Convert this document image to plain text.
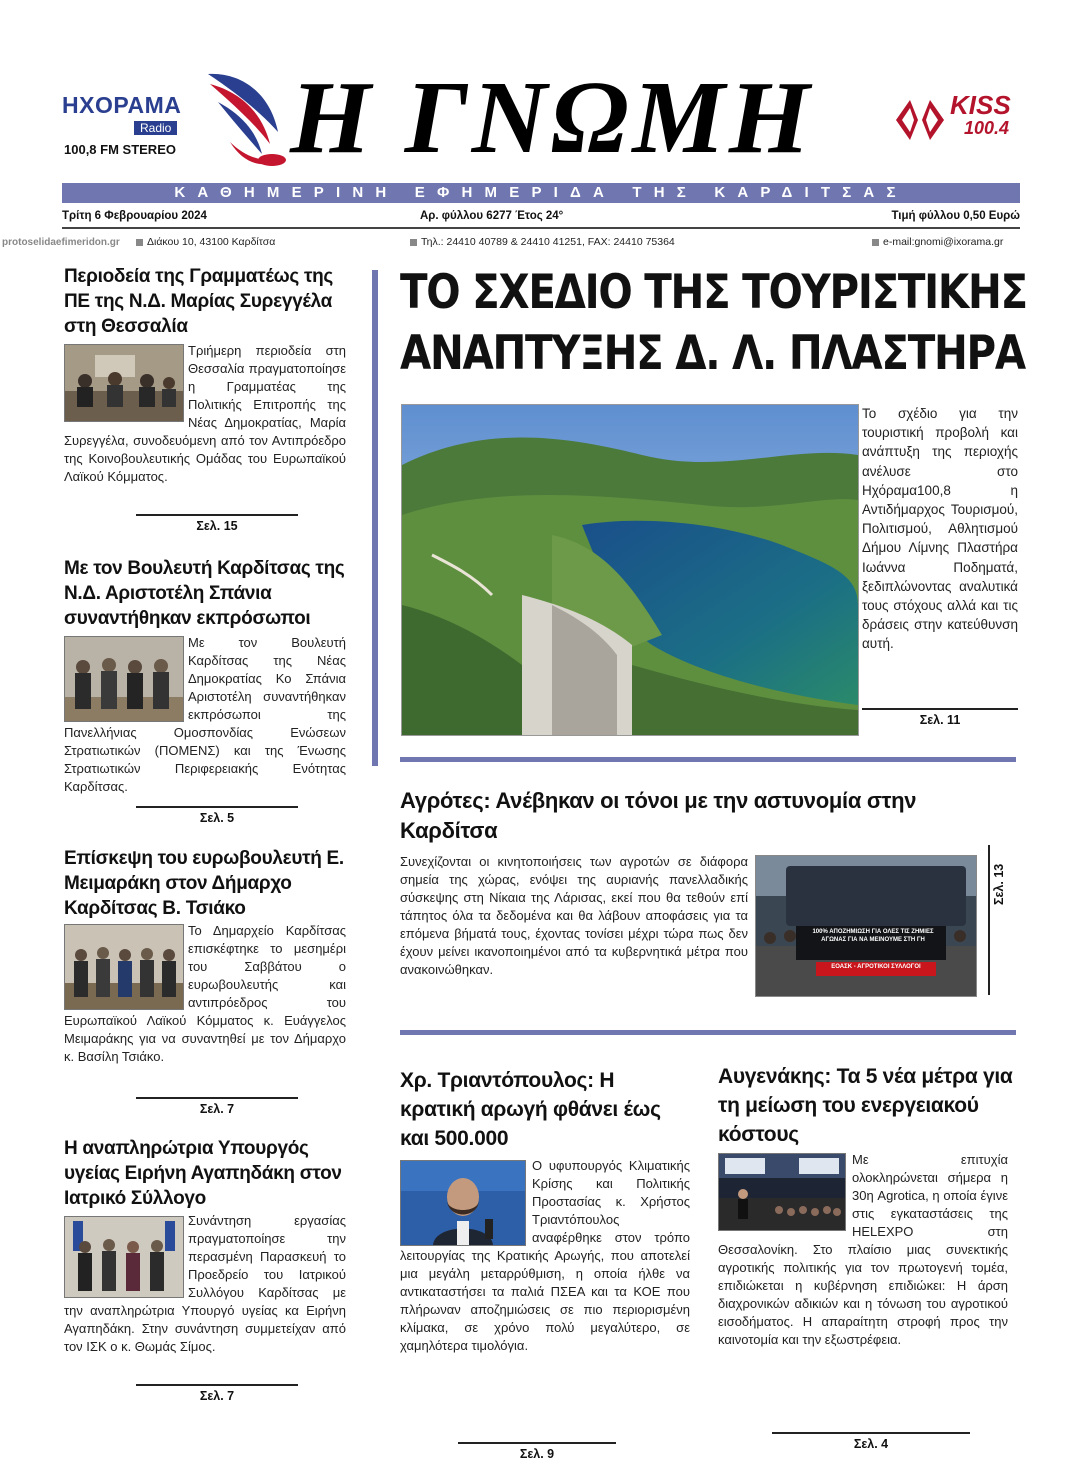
ΗΧΟΡΑΜΑ
Radio
100,8 FM STEREO Η ΓΝΩΜΗ	KISS
100.4
ΚΑΘΗΜΕΡΙΝΗ ΕΦΗΜΕΡΙΔΑ ΤΗΣ ΚΑΡΔΙΤΣΑΣ
Τρίτη 6 Φεβρουαρίου 2024	Αρ. φύλλου 6277 Έτος 24°	Τιμή φύλλου 0,50 Ευρώ
protoselidaefimeridon.gr	Διάκου 10, 43100 Καρδίτσα	Τηλ.: 24410 40789 & 24410 41251, FAX: 24410 75364	e-mail:gnomi@ixorama.gr
Περιοδεία της Γραμματέως της ΠΕ της Ν.Δ. Μαρίας Συρεγγέλα στη Θεσσαλία
Τριήμερη περιοδεία στη Θεσσαλία πραγματοποίησε η Γραμματέας της Πολιτικής Επιτροπής της Νέας Δημοκρατίας, Μαρία Συρεγγέλα, συνοδευόμενη από τον Αντιπρόεδρο της Κοινοβουλευτικής Ομάδας του Ευρωπαϊκού Λαϊκού Κόμματος.
Σελ. 15
Με τον Βουλευτή Καρδίτσας της Ν.Δ. Αριστοτέλη Σπάνια συναντήθηκαν εκπρόσωποι
Με τον Βουλευτή Καρδίτσας της Νέας Δημοκρατίας Κο Σπάνια Αριστοτέλη συναντήθηκαν εκπρόσωποι της Πανελλήνιας Ομοσπονδίας Ενώσεων Στρατιωτικών (ΠΟΜΕΝΣ) και της Ένωσης Στρατιωτικών Περιφερειακής Ενότητας Καρδίτσας.
Σελ. 5
Επίσκεψη του ευρωβουλευτή Ε. Μειμαράκη στον Δήμαρχο Καρδίτσας Β. Τσιάκο
Το Δημαρχείο Καρδίτσας επισκέφτηκε το μεσημέρι του Σαββάτου ο ευρωβουλευτής και αντιπρόεδρος του Ευρωπαϊκού Λαϊκού Κόμματος κ. Ευάγγελος Μειμαράκης για να συναντηθεί με τον Δήμαρχο κ. Βασίλη Τσιάκο.
Σελ. 7
Η αναπληρώτρια Υπουργός υγείας Ειρήνη Αγαπηδάκη στον Ιατρικό Σύλλογο
Συνάντηση εργασίας πραγματοποίησε την περασμένη Παρασκευή το Προεδρείο του Ιατρικού Συλλόγου Καρδίτσας με την αναπληρώτρια Υπουργό υγείας κα Ειρήνη Αγαπηδάκη. Στην συνάντηση συμμετείχαν από τον ΙΣΚ ο κ. Θωμάς Σίμος.
Σελ. 7
ΤΟ ΣΧΕΔΙΟ ΤΗΣ ΤΟΥΡΙΣΤΙΚΗΣ
ΑΝΑΠΤΥΞΗΣ Δ. Λ. ΠΛΑΣΤΗΡΑ
Το σχέδιο για την τουριστική προβολή και ανάπτυξη της περιοχής ανέλυσε στο Ηχόραμα100,8 η Αντιδήμαρχος Τουρισμού, Πολιτισμού, Αθλητισμού Δήμου Λίμνης Πλαστήρα Ιωάννα Ποδηματά, ξεδιπλώνοντας αναλυτικά τους στόχους αλλά και τις δράσεις στην κατεύθυνση αυτή.
Σελ. 11
Αγρότες: Ανέβηκαν οι τόνοι με την αστυνομία στην Καρδίτσα
Συνεχίζονται οι κινητοποιήσεις των αγροτών σε διάφορα σημεία της χώρας, ενόψει της αυριανής πανελλαδικής σύσκεψης στη Νίκαια της Λάρισας, εκεί που θα τεθούν επί τάπητος όλα τα δεδομένα και θα λάβουν αποφάσεις για τα επόμενα βήματά τους, έχοντας τονίσει μέχρι τώρα πως δεν έχουν μείνει ικανοποιημένοι από τα κυβερνητικά μέτρα που ανακοινώθηκαν.
100% ΑΠΟΖΗΜΙΩΣΗ ΓΙΑ ΟΛΕΣ ΤΙΣ ΖΗΜΙΕΣ
ΑΓΩΝΑΣ ΓΙΑ ΝΑ ΜΕΙΝΟΥΜΕ ΣΤΗ ΓΗ
ΕΟΑΣΚ - ΑΓΡΟΤΙΚΟΙ ΣΥΛΛΟΓΟΙ
Σελ. 13
Χρ. Τριαντόπουλος: Η κρατική αρωγή φθάνει έως και 500.000
Ο υφυπουργός Κλιματικής Κρίσης και Πολιτικής Προστασίας κ. Χρήστος Τριαντόπουλος αναφέρθηκε στον τρόπο λειτουργίας της Κρατικής Αρωγής, που αποτελεί μια μεγάλη μεταρρύθμιση, η οποία ήλθε να αντικαταστήσει τα παλιά ΠΣΕΑ και τα ΚΟΕ που πλήρωναν αποζημιώσεις σε πιο περιορισμένη κλίμακα, σε χρόνο πολύ μεγαλύτερο, σε χαμηλότερα τιμολόγια.
Σελ. 9
Αυγενάκης: Τα 5 νέα μέτρα για τη μείωση του ενεργειακού κόστους
Με επιτυχία ολοκληρώνεται σήμερα η 30η Agrotica, η οποία έγινε στις εγκαταστάσεις της ΗΕLEXPO στη Θεσσαλονίκη. Στο πλαίσιο μιας συνεκτικής αγροτικής πολιτικής για τον πρωτογενή τομέα, επιδιώκεται η κυβέρνηση επιδιώκει: Η άρση διαχρονικών αδικιών και η τόνωση του αγροτικού εισοδήματος. Η απαραίτητη στροφή προς την καινοτομία και την εξωστρέφεια.
Σελ. 4
